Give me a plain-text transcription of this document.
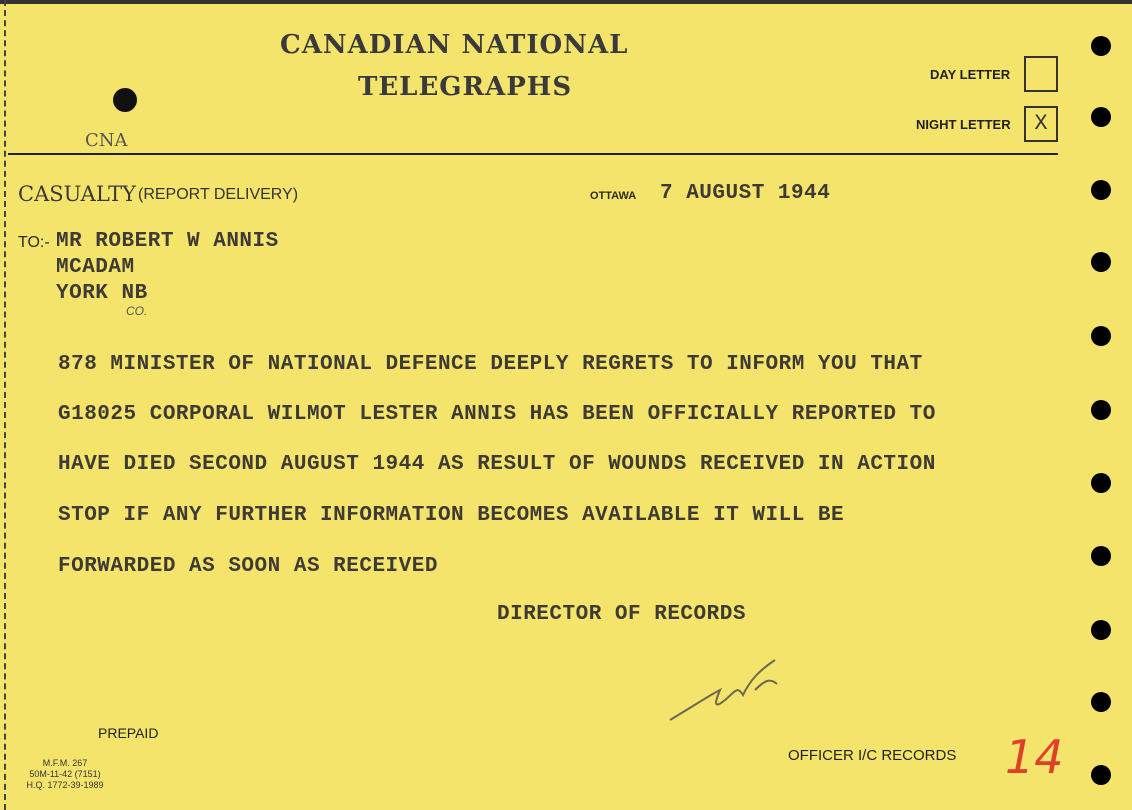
CANADIAN NATIONAL
TELEGRAPHS
CNA
DAY LETTER
NIGHT LETTER	X
CASUALTY (REPORT DELIVERY)	OTTAWA 7 AUGUST 1944
TO:- MR ROBERT W ANNIS
MCADAM
YORK NB
CO.
878 MINISTER OF NATIONAL DEFENCE DEEPLY REGRETS TO INFORM YOU THAT
G18025 CORPORAL WILMOT LESTER ANNIS HAS BEEN OFFICIALLY REPORTED TO
HAVE DIED SECOND AUGUST 1944 AS RESULT OF WOUNDS RECEIVED IN ACTION
STOP IF ANY FURTHER INFORMATION BECOMES AVAILABLE IT WILL BE
FORWARDED AS SOON AS RECEIVED
DIRECTOR OF RECORDS
PREPAID
M.F.M. 267
50M-11-42 (7151)
H.Q. 1772-39-1989
OFFICER I/C RECORDS 14
